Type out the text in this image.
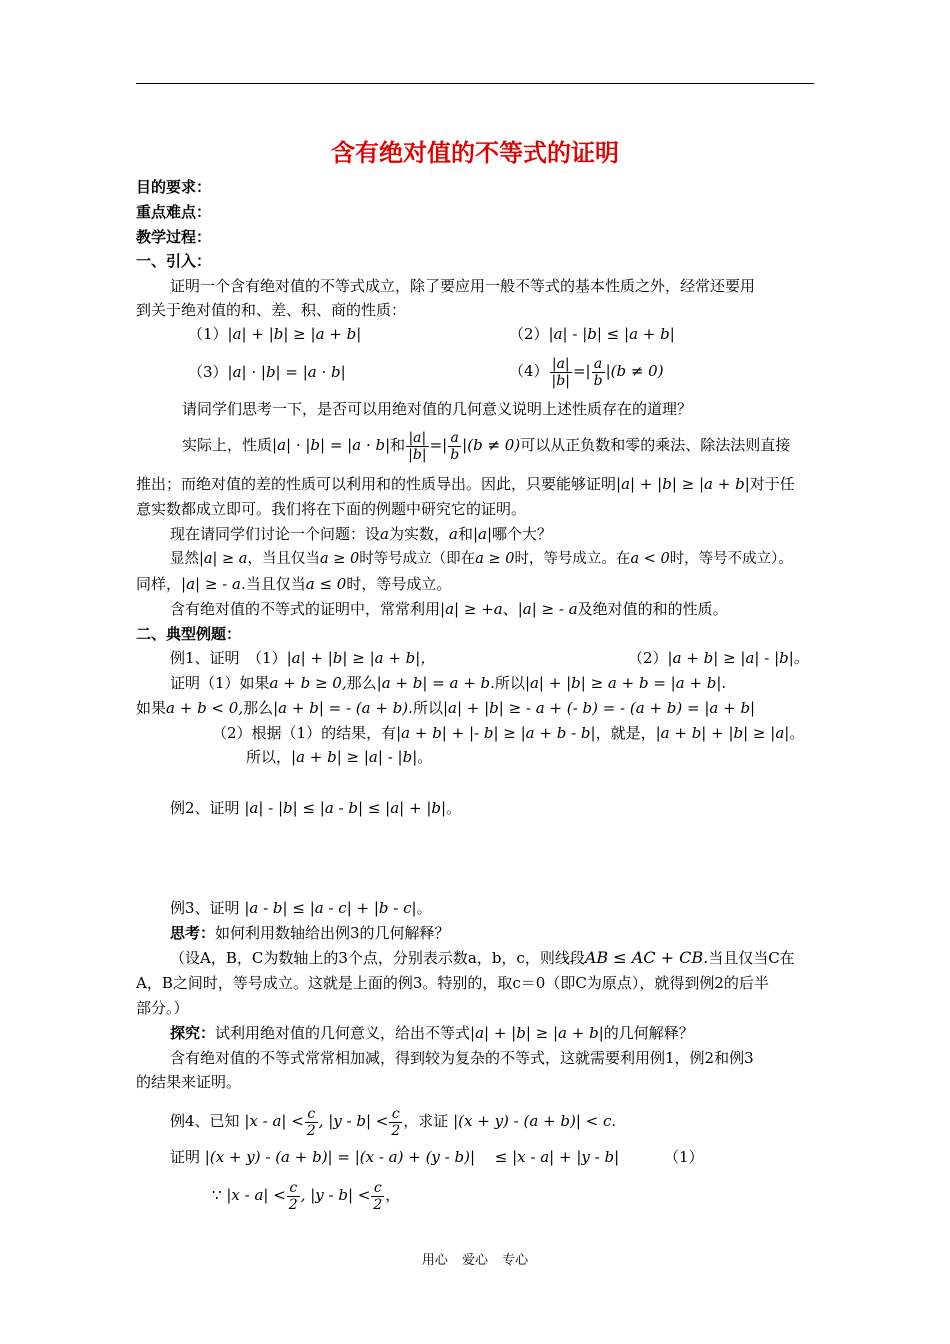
含有绝对值的不等式的证明
目的要求：
重点难点：
教学过程：
一、引入：
证明一个含有绝对值的不等式成立，除了要应用一般不等式的基本性质之外，经常还要用
到关于绝对值的和、差、积、商的性质：
（1）|a| + |b| ≥ |a + b|	（2）|a| - |b| ≤ |a + b|
（3）|a| · |b| = |a · b|	$(4) \frac{|a|}{|b|}$ =| $\frac{a}{b} |(b \ne 0)$
请同学们思考一下，是否可以用绝对值的几何意义说明上述性质存在的道理？
实际上，性质|a| · |b| = |a · b|和 $\frac{|a|}{|b|}$ =| $\frac{a}{b} |(b \ne 0)$可以从正负数和零的乘法、除法法则直接
推出；而绝对值的差的性质可以利用和的性质导出。因此，只要能够证明|a| + |b| ≥ |a + b|对于任
意实数都成立即可。我们将在下面的例题中研究它的证明。
现在请同学们讨论一个问题：设a为实数，a和|a|哪个大？
显然|a| ≥ a，当且仅当a ≥ 0时等号成立（即在a ≥ 0时，等号成立。在a < 0时，等号不成立）。
同样，|a| ≥ - a.当且仅当a ≤ 0时，等号成立。
含有绝对值的不等式的证明中，常常利用|a| ≥ +a、|a| ≥ - a及绝对值的和的性质。
二、典型例题：
例1、证明　（1）|a| + |b| ≥ |a + b|，	（2）|a + b| ≥ |a| - |b|。
证明（1）如果a + b ≥ 0,那么|a + b| = a + b.所以|a| + |b| ≥ a + b = |a + b|.
如果a + b < 0,那么|a + b| = - (a + b).所以|a| + |b| ≥ - a + (- b) = - (a + b) = |a + b|
（2）根据（1）的结果，有|a + b| + |- b| ≥ |a + b - b|，就是，|a + b| + |b| ≥ |a|。
所以，|a + b| ≥ |a| - |b|。
例2、证明 |a| - |b| ≤ |a - b| ≤ |a| + |b|。
例3、证明 |a - b| ≤ |a - c| + |b - c|。
思考：如何利用数轴给出例3的几何解释？
（设A，B，C为数轴上的3个点，分别表示数a，b，c，则线段AB ≤ AC + CB.当且仅当C在
A，B之间时，等号成立。这就是上面的例3。特别的，取c＝0（即C为原点），就得到例2的后半
部分。）
探究：试利用绝对值的几何意义，给出不等式|a| + |b| ≥ |a + b|的几何解释？
含有绝对值的不等式常常相加减，得到较为复杂的不等式，这就需要利用例1，例2和例3
的结果来证明。
例4、已知 $|x - a| < \frac{c}{2}$ , $|y - b| < \frac{c}{2}$ ，求证 |(x + y) - (a + b)| < c.
证明 |(x + y) - (a + b)| = |(x - a) + (y - b)|　 ≤ |x - a| + |y - b|	（1）
∵ $|x - a| < \frac{c}{2}$ , $|y - b| < \frac{c}{2}$ ，
用心 爱心 专心
